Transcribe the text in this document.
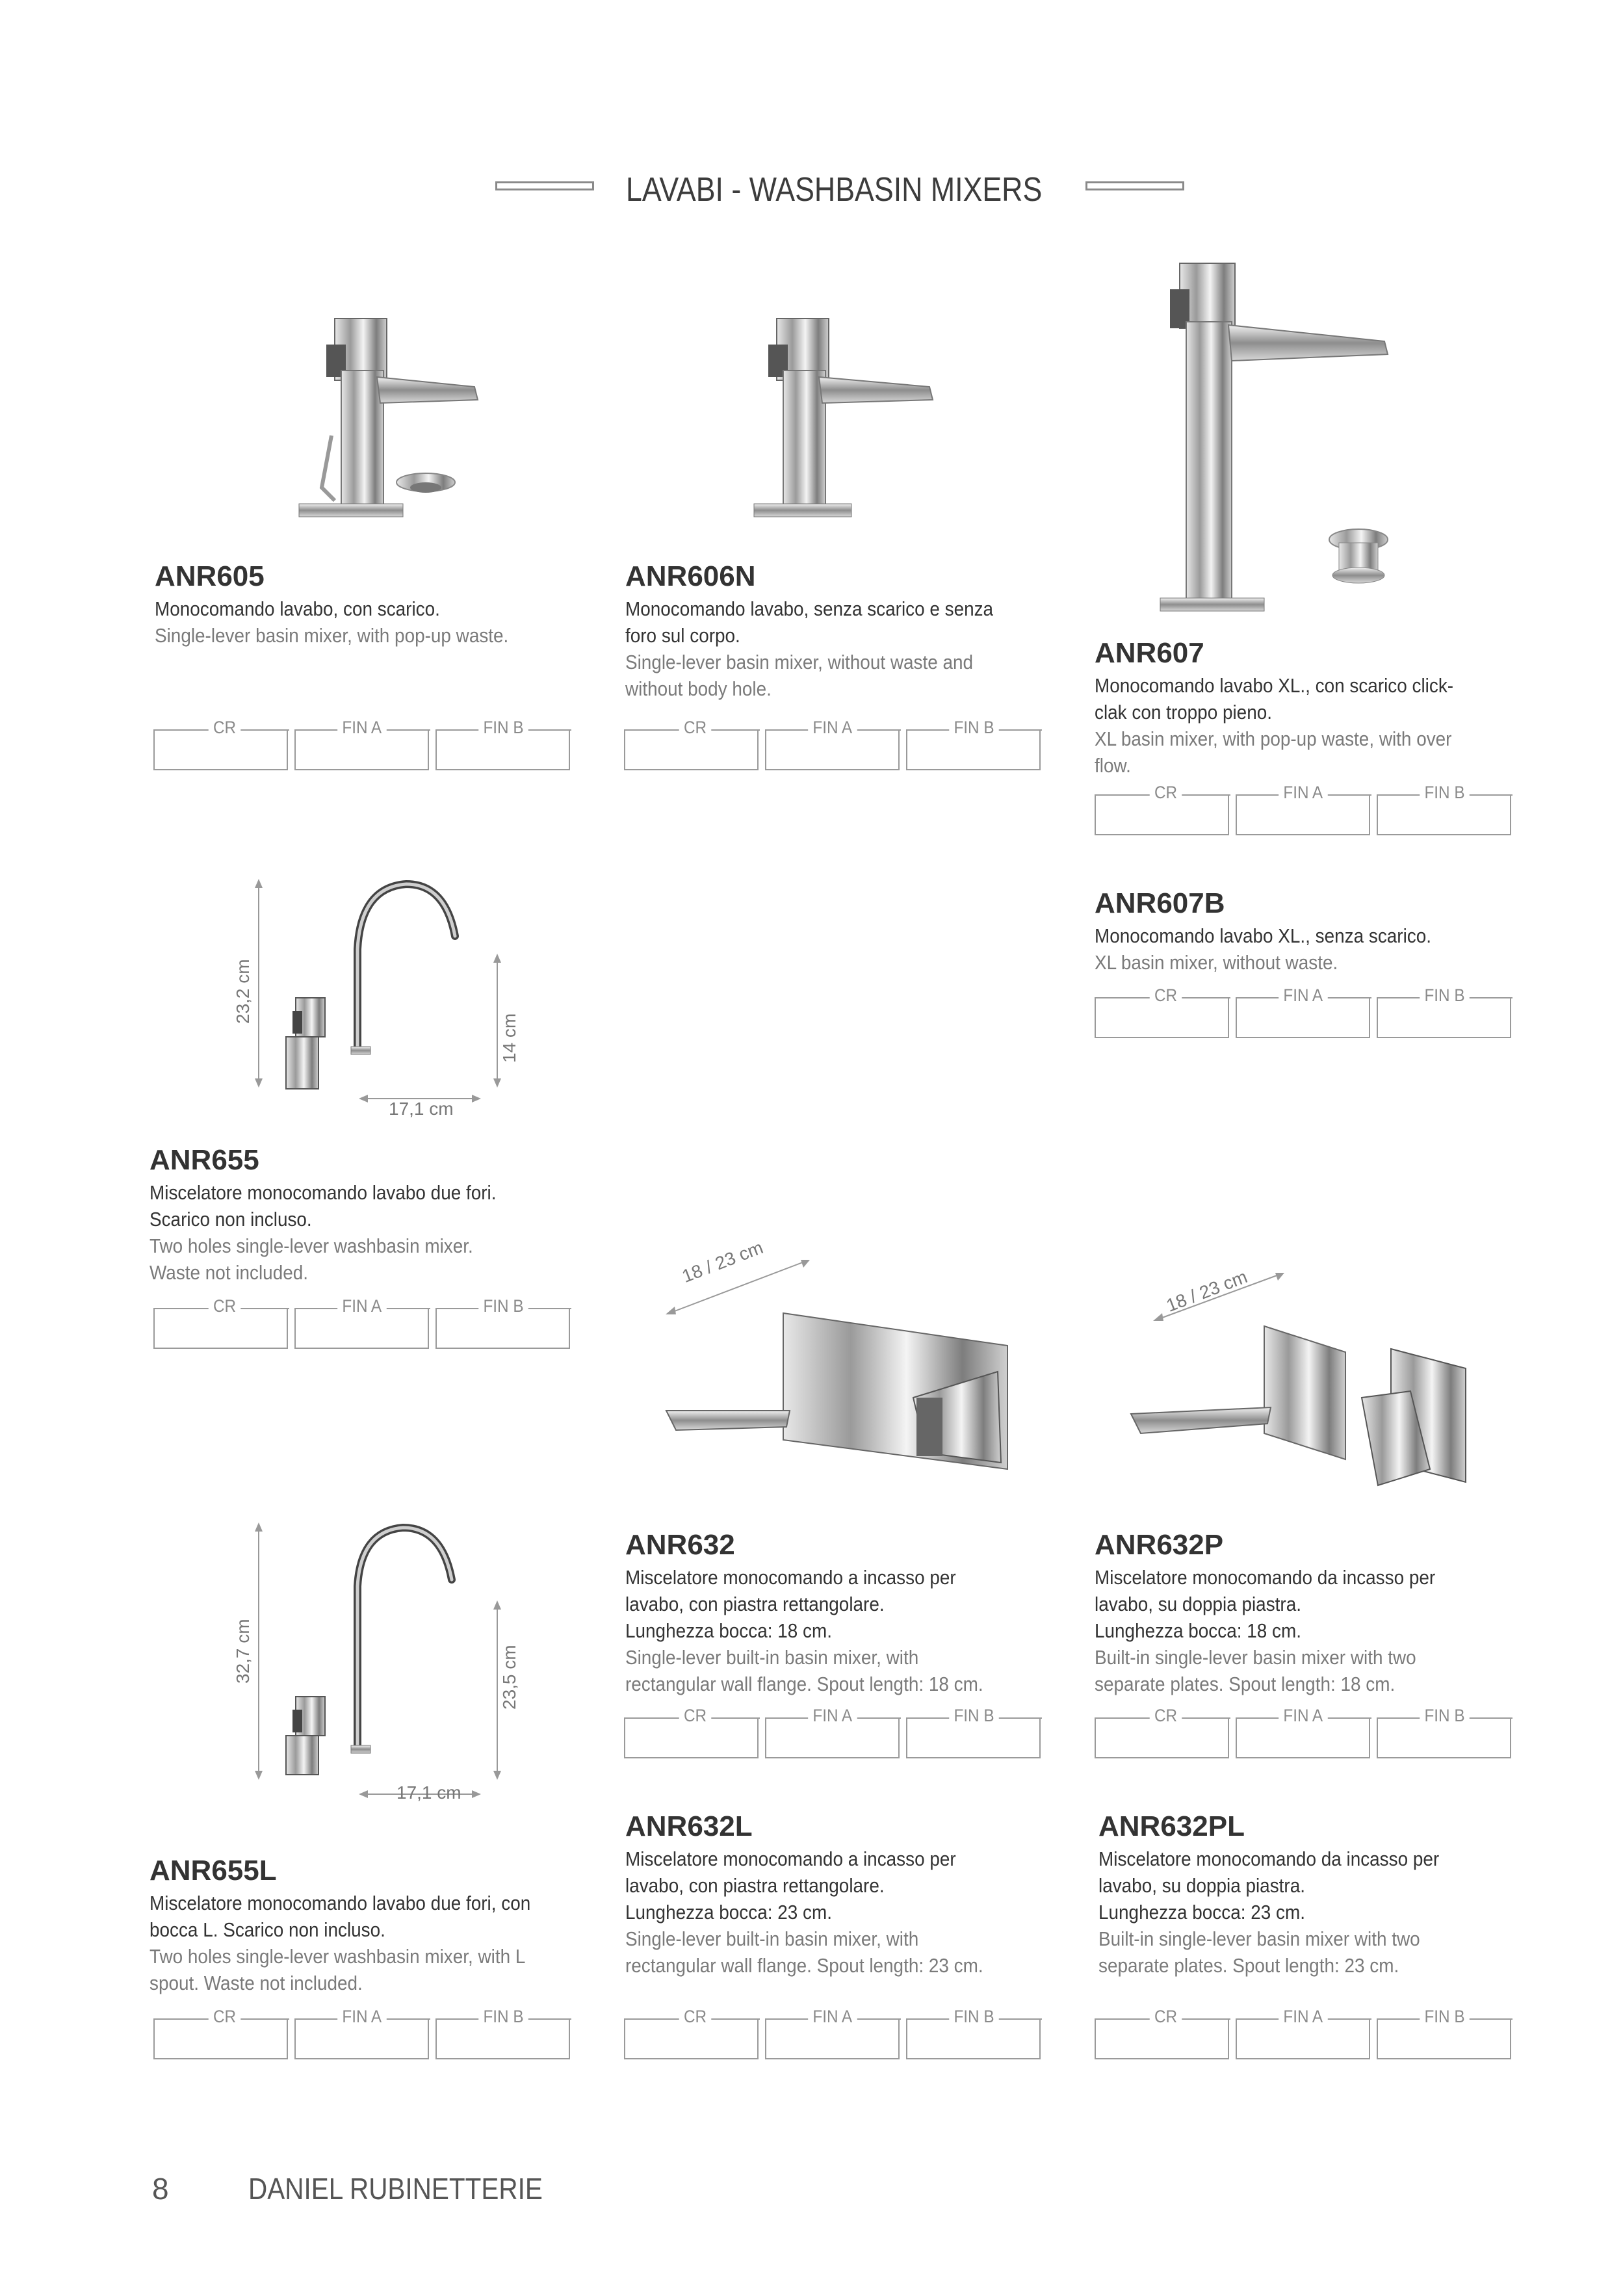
LAVABI - WASHBASIN MIXERS
23,2 cm
14 cm
17,1 cm
18 / 23 cm
18 / 23 cm
32,7 cm	23,5 cm
17,1 cm

ANR605

Monocomando lavabo, con scarico.

Single-lever basin mixer, with pop-up waste.

ANR606N

Monocomando lavabo, senza scarico e senza
foro sul corpo.

Single-lever basin mixer, without waste and
without body hole.

ANR607

Monocomando lavabo XL., con scarico click-
clak con troppo pieno.

XL basin mixer, with pop-up waste, with over
flow.

ANR607B

Monocomando lavabo XL., senza scarico.

XL basin mixer, without waste.

ANR655

Miscelatore monocomando lavabo due fori.
Scarico non incluso.

Two holes single-lever washbasin mixer.
Waste not included.

ANR632

Miscelatore monocomando a incasso per
lavabo, con piastra rettangolare.
Lunghezza bocca: 18 cm.

Single-lever built-in basin mixer, with
rectangular wall flange. Spout length: 18 cm.

ANR632P

Miscelatore monocomando da incasso per
lavabo, su doppia piastra.
Lunghezza bocca: 18 cm.

Built-in single-lever basin mixer with two
separate plates. Spout length: 18 cm.

ANR632L

Miscelatore monocomando a incasso per
lavabo, con piastra rettangolare.
Lunghezza bocca: 23 cm.

Single-lever built-in basin mixer, with
rectangular wall flange. Spout length: 23 cm.

ANR655L

Miscelatore monocomando lavabo due fori, con
bocca L. Scarico non incluso.

Two holes single-lever washbasin mixer, with L
spout. Waste not included.

ANR632PL

Miscelatore monocomando da incasso per
lavabo, su doppia piastra.
Lunghezza bocca: 23 cm.

Built-in single-lever basin mixer with two
separate plates. Spout length: 23 cm.

CR	FIN A	FIN B	CR	FIN A	FIN B
CR	FIN A	FIN B
CR	FIN A	FIN B
CR	FIN A	FIN B
CR	FIN A	FIN B	CR	FIN A	FIN B
CR	FIN A	FIN B	CR	FIN A	FIN B	CR	FIN A	FIN B
8	DANIEL RUBINETTERIE
